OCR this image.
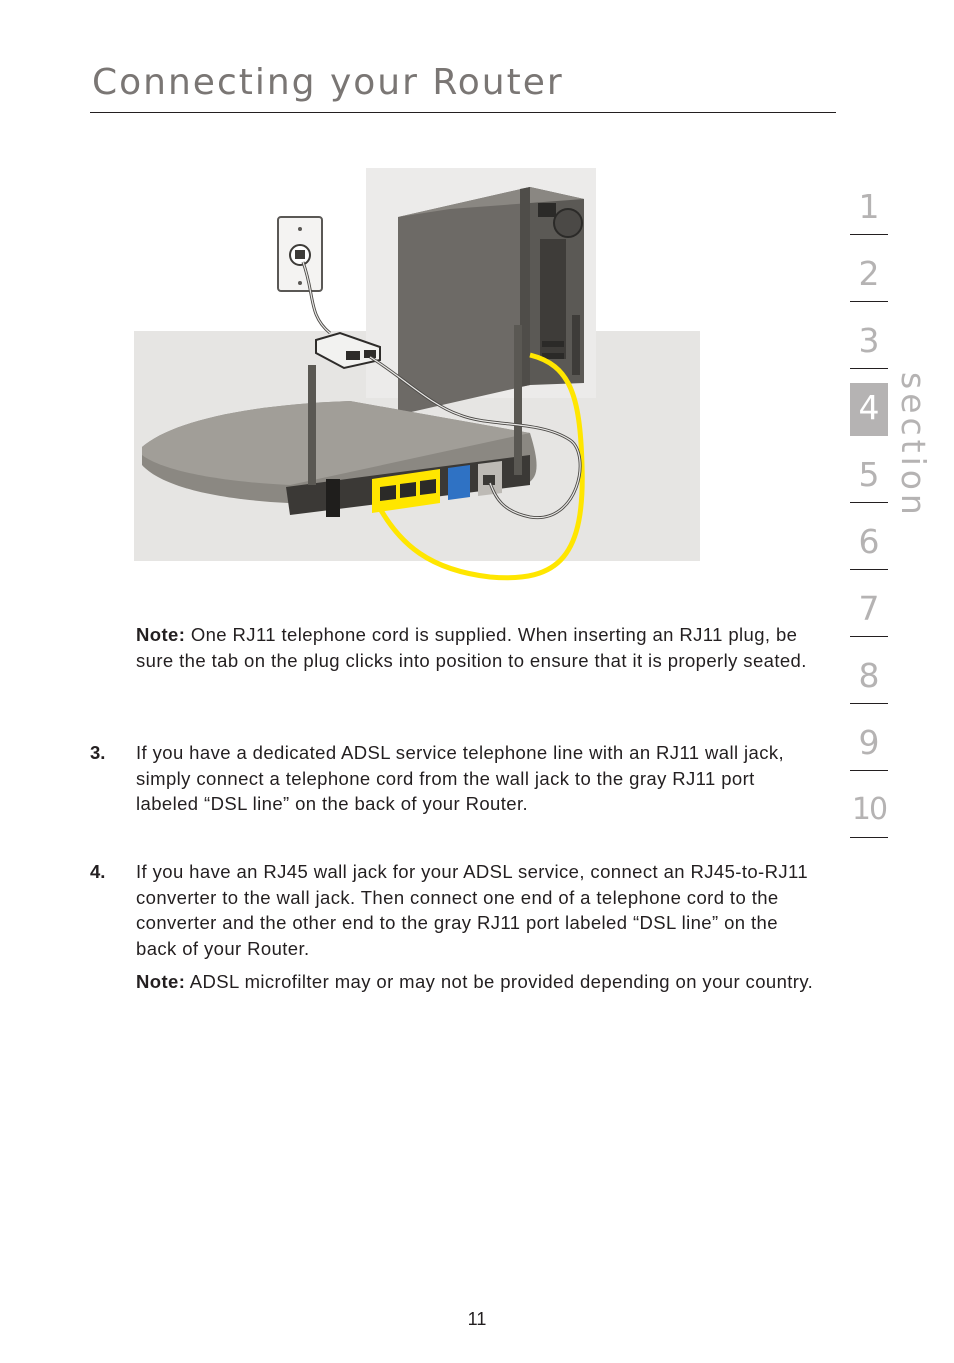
Connecting your Router

Note: One RJ11 telephone cord is supplied. When inserting an RJ11 plug, be sure the tab on the plug clicks into position to ensure that it is properly seated.

3. If you have a dedicated ADSL service telephone line with an RJ11 wall jack, simply connect a telephone cord from the wall jack to the gray RJ11 port labeled “DSL line” on the back of your Router.

4. If you have an RJ45 wall jack for your ADSL service, connect an RJ45-to-RJ11 converter to the wall jack. Then connect one end of a telephone cord to the converter and the other end to the gray RJ11 port labeled “DSL line” on the back of your Router.

Note: ADSL microfilter may or may not be provided depending on your country.

1
2
3
4
5
6
7
8
9
10
section
11
